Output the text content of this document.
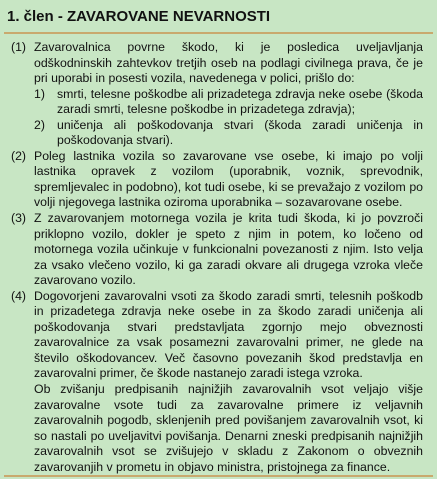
1. člen - ZAVAROVANE NEVARNOSTI
(1) Zavarovalnica povrne škodo, ki je posledica uveljavljanja odškodninskih zahtevkov tretjih oseb na podlagi civilnega prava, če je pri uporabi in posesti vozila, navedenega v polici, prišlo do:
1) smrti, telesne poškodbe ali prizadetega zdravja neke osebe (škoda zaradi smrti, telesne poškodbe in prizadetega zdravja);
2) uničenja ali poškodovanja stvari (škoda zaradi uničenja in poškodovanja stvari).
(2) Poleg lastnika vozila so zavarovane vse osebe, ki imajo po volji lastnika opravek z vozilom (uporabnik, voznik, sprevodnik, spremljevalec in podobno), kot tudi osebe, ki se prevažajo z vozilom po volji njegovega lastnika oziroma uporabnika – sozavarovane osebe.
(3) Z zavarovanjem motornega vozila je krita tudi škoda, ki jo povzroči priklopno vozilo, dokler je speto z njim in potem, ko ločeno od motornega vozila učinkuje v funkcionalni povezanosti z njim. Isto velja za vsako vlečeno vozilo, ki ga zaradi okvare ali drugega vzroka vleče zavarovano vozilo.
(4) Dogovorjeni zavarovalni vsoti za škodo zaradi smrti, telesnih poškodb in prizadetega zdravja neke osebe in za škodo zaradi uničenja ali poškodovanja stvari predstavljata zgornjo mejo obveznosti zavarovalnice za vsak posamezni zavarovalni primer, ne glede na število oškodovancev. Več časovno povezanih škod predstavlja en zavarovalni primer, če škode nastanejo zaradi istega vzroka.
Ob zvišanju predpisanih najnižjih zavarovalnih vsot veljajo višje zavarovalne vsote tudi za zavarovalne primere iz veljavnih zavarovalnih pogodb, sklenjenih pred povišanjem zavarovalnih vsot, ki so nastali po uveljavitvi povišanja. Denarni zneski predpisanih najnižjih zavarovalnih vsot se zvišujejo v skladu z Zakonom o obveznih zavarovanjih v prometu in objavo ministra, pristojnega za finance.
